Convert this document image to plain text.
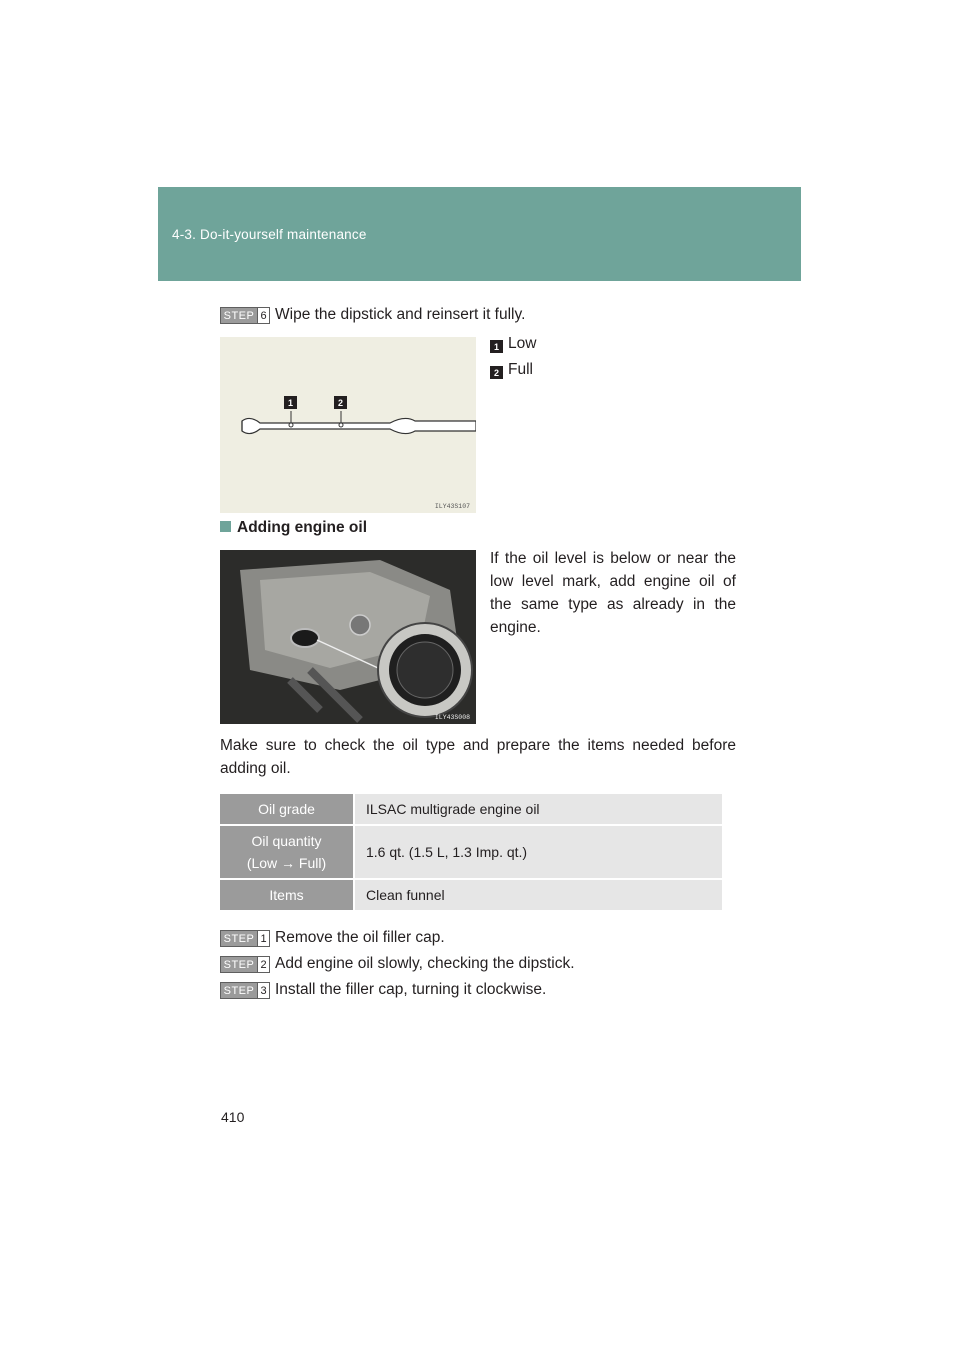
4-3. Do-it-yourself maintenance
STEP 6 Wipe the dipstick and reinsert it fully.
1	2
ILY43S107
1 Low
2 Full
Adding engine oil
ILY43S008
If the oil level is below or near the low level mark, add engine oil of the same type as already in the engine.
Make sure to check the oil type and prepare the items needed before adding oil.
Oil grade	ILSAC multigrade engine oil
Oil quantity
(Low → Full)	1.6 qt. (1.5 L, 1.3 Imp. qt.)
Items	Clean funnel
STEP 1 Remove the oil filler cap.
STEP 2 Add engine oil slowly, checking the dipstick.
STEP 3 Install the filler cap, turning it clockwise.
410
